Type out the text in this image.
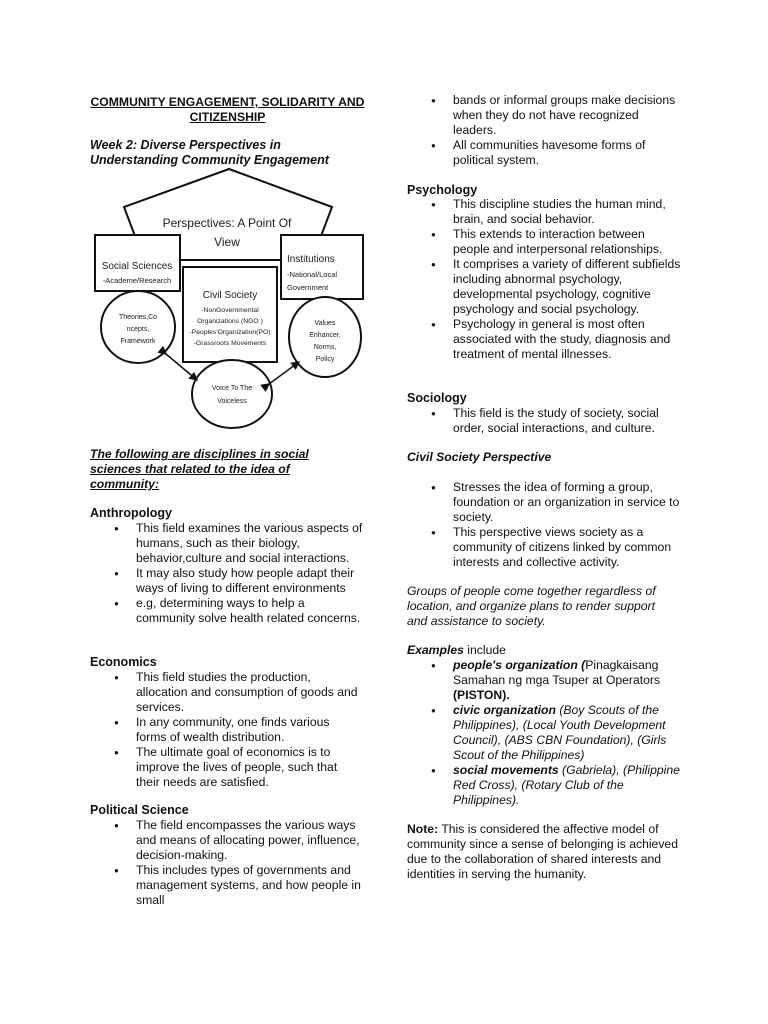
COMMUNITY ENGAGEMENT, SOLIDARITY AND CITIZENSHIP
Week 2: Diverse Perspectives in Understanding Community Engagement
Perspectives: A Point Of
View
Social Sciences
-Academe/Research
Institutions
-National/Local
Government
Civil Society
-NonGovernmental
Organizations (NGO )
-Peoples'Organization(PO)
-Grassroots Movements
Theories,Co
ncepts,
Framework
Values
Enhancer,
Norms,
Policy
Voice To The
Voiceless
The following are disciplines in social sciences that related to the idea of community:
Anthropology
● This field examines the various aspects of humans, such as their biology, behavior,culture and social interactions.
● It may also study how people adapt their ways of living to different environments
● e.g, determining ways to help a community solve health related concerns.
Economics
● This field studies the production, allocation and consumption of goods and services.
● In any community, one finds various forms of wealth distribution.
● The ultimate goal of economics is to improve the lives of people, such that their needs are satisfied.
Political Science
● The field encompasses the various ways and means of allocating power, influence, decision-making.
● This includes types of governments and management systems, and how people in small
● bands or informal groups make decisions when they do not have recognized leaders.
● All communities havesome forms of political system.
Psychology
● This discipline studies the human mind, brain, and social behavior.
● This extends to interaction between people and interpersonal relationships.
● It comprises a variety of different subfields including abnormal psychology, developmental psychology, cognitive psychology and social psychology.
● Psychology in general is most often associated with the study, diagnosis and treatment of mental illnesses.
Sociology
● This field is the study of society, social order, social interactions, and culture.
Civil Society Perspective
● Stresses the idea of forming a group, foundation or an organization in service to society.
● This perspective views society as a community of citizens linked by common interests and collective activity.
Groups of people come together regardless of location, and organize plans to render support and assistance to society.
Examples include
● people's organization (Pinagkaisang Samahan ng mga Tsuper at Operators (PISTON).
● civic organization (Boy Scouts of the Philippines), (Local Youth Development Council), (ABS CBN Foundation), (Girls Scout of the Philippines)
● social movements (Gabriela), (Philippine Red Cross), (Rotary Club of the Philippines).
Note: This is considered the affective model of community since a sense of belonging is achieved due to the collaboration of shared interests and identities in serving the humanity.
